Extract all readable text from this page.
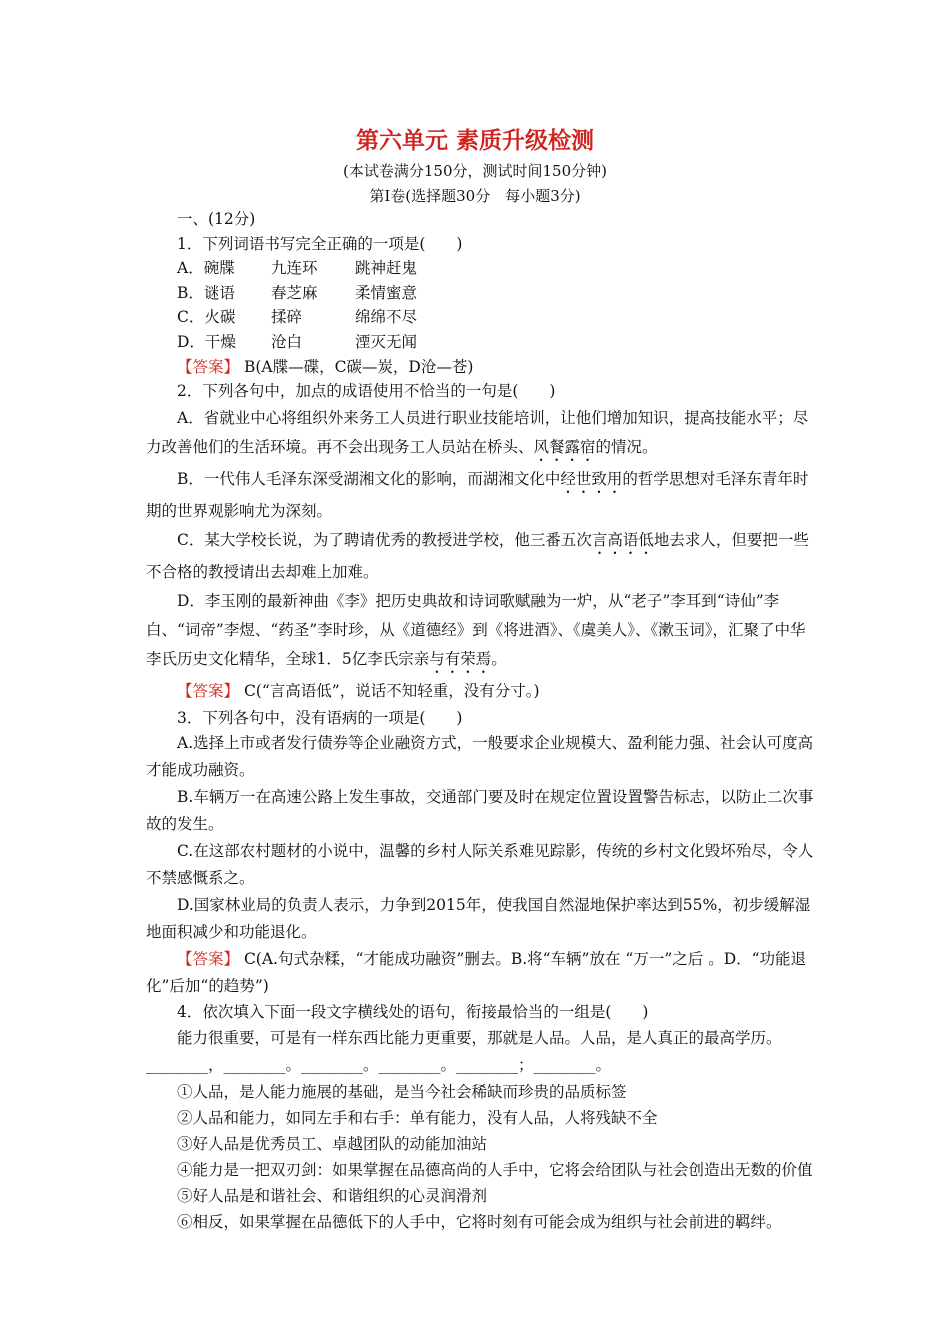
第六单元 素质升级检测
(本试卷满分150分，测试时间150分钟)
第Ⅰ卷(选择题30分　每小题3分)

一、(12分)

1．下列词语书写完全正确的一项是(　　)

A．碗牒 九连环 跳神赶鬼

B．谜语 春芝麻 柔情蜜意

C．火碳 揉碎	绵绵不尽

D．干燥 沧白	湮灭无闻

【答案】 B(A牒—碟，C碳—炭，D沧—苍)

2．下列各句中，加点的成语使用不恰当的一句是(　　)

A．省就业中心将组织外来务工人员进行职业技能培训，让他们增加知识，提高技能水平；尽力改善他们的生活环境。再不会出现务工人员站在桥头、风餐露宿的情况。

B．一代伟人毛泽东深受湖湘文化的影响，而湖湘文化中经世致用的哲学思想对毛泽东青年时期的世界观影响尤为深刻。

C．某大学校长说，为了聘请优秀的教授进学校，他三番五次言高语低地去求人，但要把一些不合格的教授请出去却难上加难。

D．李玉刚的最新神曲《李》把历史典故和诗词歌赋融为一炉，从“老子”李耳到“诗仙”李白、“词帝”李煜、“药圣”李时珍，从《道德经》到《将进酒》、《虞美人》、《漱玉词》，汇聚了中华李氏历史文化精华，全球1．5亿李氏宗亲与有荣焉。

【答案】 C(“言高语低”，说话不知轻重，没有分寸。)

3．下列各句中，没有语病的一项是(　　)

A.选择上市或者发行债券等企业融资方式，一般要求企业规模大、盈利能力强、社会认可度高才能成功融资。

B.车辆万一在高速公路上发生事故，交通部门要及时在规定位置设置警告标志，以防止二次事故的发生。

C.在这部农村题材的小说中，温馨的乡村人际关系难见踪影，传统的乡村文化毁坏殆尽，令人不禁感慨系之。

D.国家林业局的负责人表示，力争到2015年，使我国自然湿地保护率达到55%，初步缓解湿地面积减少和功能退化。

【答案】 C(A.句式杂糅，“才能成功融资”删去。B.将“车辆”放在 “万一”之后 。D．“功能退化”后加“的趋势”)

4．依次填入下面一段文字横线处的语句，衔接最恰当的一组是(　　)

能力很重要，可是有一样东西比能力更重要，那就是人品。人品，是人真正的最高学历。________，________。________。________。________；________。

①人品，是人能力施展的基础，是当今社会稀缺而珍贵的品质标签

②人品和能力，如同左手和右手：单有能力，没有人品，人将残缺不全

③好人品是优秀员工、卓越团队的动能加油站

④能力是一把双刃剑：如果掌握在品德高尚的人手中，它将会给团队与社会创造出无数的价值

⑤好人品是和谐社会、和谐组织的心灵润滑剂

⑥相反，如果掌握在品德低下的人手中，它将时刻有可能会成为组织与社会前进的羁绊。
